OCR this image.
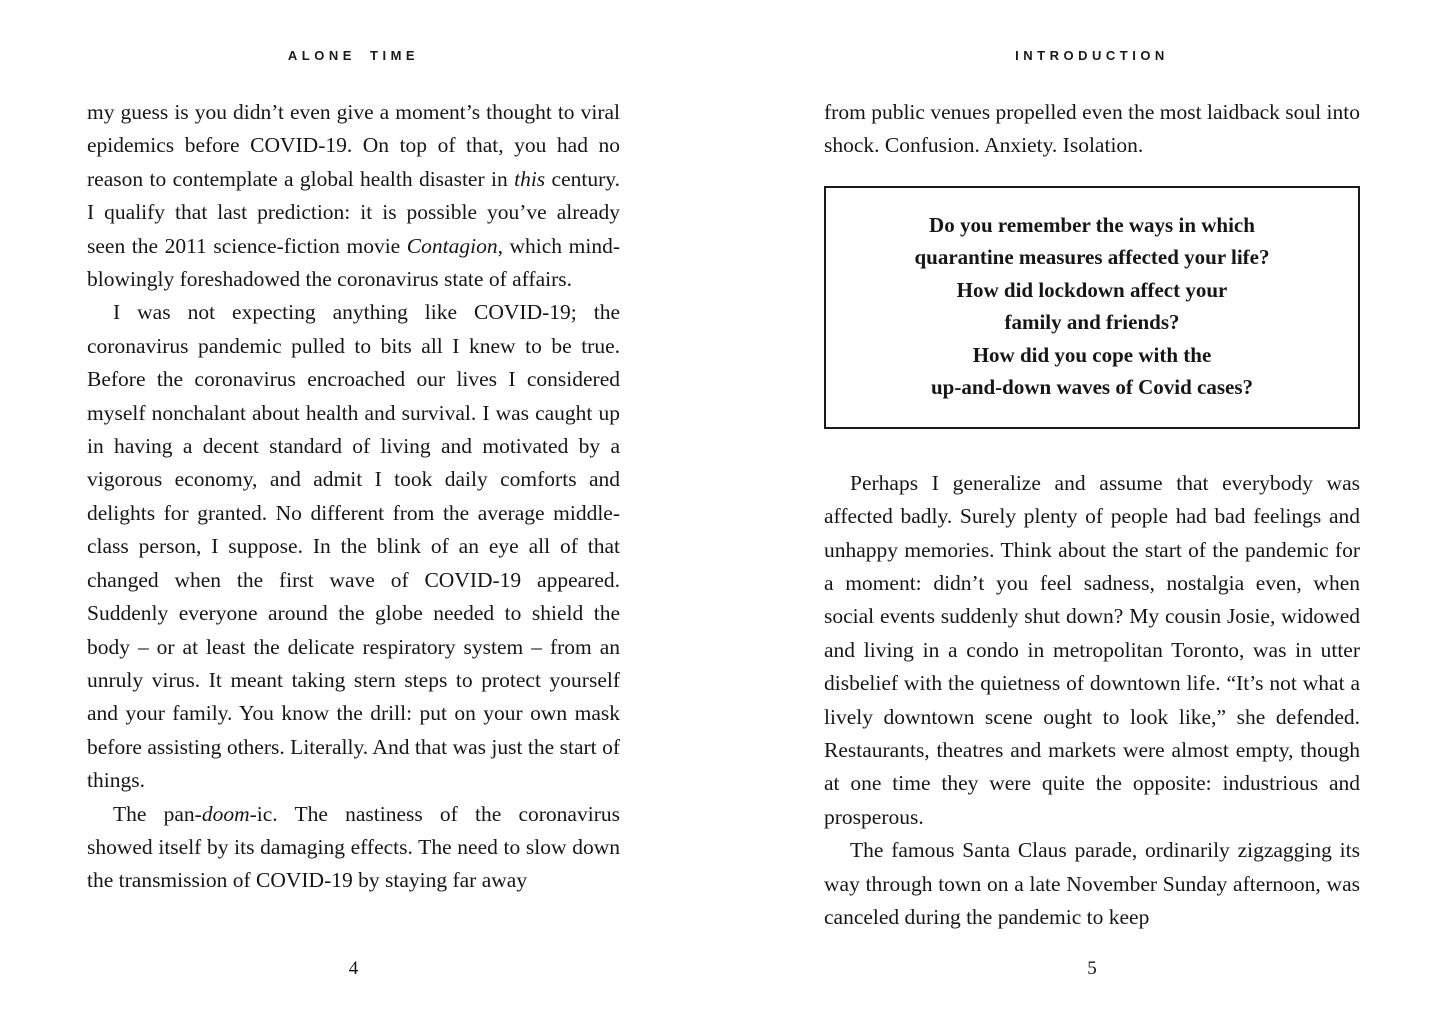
ALONE TIME

my guess is you didn’t even give a moment’s thought to viral epidemics before COVID-19. On top of that, you had no reason to contemplate a global health disaster in this century. I qualify that last prediction: it is possible you’ve already seen the 2011 science-fiction movie Contagion, which mind-blowingly foreshadowed the coronavirus state of affairs.

I was not expecting anything like COVID-19; the coronavirus pandemic pulled to bits all I knew to be true. Before the coronavirus encroached our lives I considered myself nonchalant about health and survival. I was caught up in having a decent standard of living and motivated by a vigorous economy, and admit I took daily comforts and delights for granted. No different from the average middle-class person, I suppose. In the blink of an eye all of that changed when the first wave of COVID-19 appeared. Suddenly everyone around the globe needed to shield the body – or at least the delicate respiratory system – from an unruly virus. It meant taking stern steps to protect yourself and your family. You know the drill: put on your own mask before assisting others. Literally. And that was just the start of things.

The pan-doom-ic. The nastiness of the coronavirus showed itself by its damaging effects. The need to slow down the transmission of COVID-19 by staying far away

4
INTRODUCTION

from public venues propelled even the most laidback soul into shock. Confusion. Anxiety. Isolation.

Do you remember the ways in which
quarantine measures affected your life?
How did lockdown affect your
family and friends?
How did you cope with the
up-and-down waves of Covid cases?

Perhaps I generalize and assume that everybody was affected badly. Surely plenty of people had bad feelings and unhappy memories. Think about the start of the pandemic for a moment: didn’t you feel sadness, nostalgia even, when social events suddenly shut down? My cousin Josie, widowed and living in a condo in metropolitan Toronto, was in utter disbelief with the quietness of downtown life. “It’s not what a lively downtown scene ought to look like,” she defended. Restaurants, theatres and markets were almost empty, though at one time they were quite the opposite: industrious and prosperous.

The famous Santa Claus parade, ordinarily zigzagging its way through town on a late November Sunday afternoon, was canceled during the pandemic to keep

5
